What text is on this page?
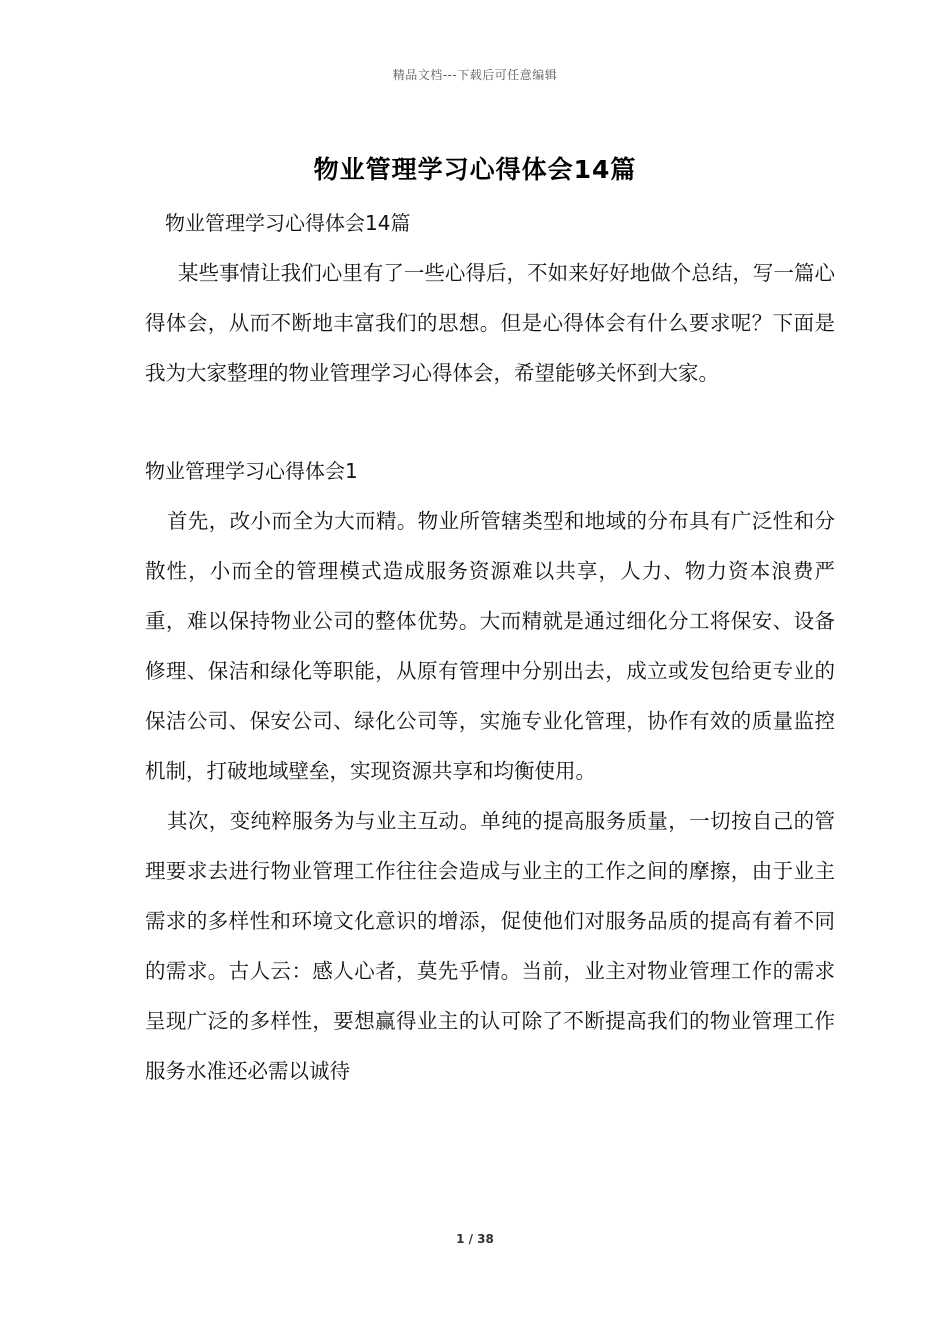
精品文档---下载后可任意编辑
物业管理学习心得体会14篇
物业管理学习心得体会14篇

某些事情让我们心里有了一些心得后，不如来好好地做个总结，写一篇心得体会，从而不断地丰富我们的思想。但是心得体会有什么要求呢？下面是我为大家整理的物业管理学习心得体会，希望能够关怀到大家。

物业管理学习心得体会1

首先，改小而全为大而精。物业所管辖类型和地域的分布具有广泛性和分散性，小而全的管理模式造成服务资源难以共享，人力、物力资本浪费严重，难以保持物业公司的整体优势。大而精就是通过细化分工将保安、设备修理、保洁和绿化等职能，从原有管理中分别出去，成立或发包给更专业的保洁公司、保安公司、绿化公司等，实施专业化管理，协作有效的质量监控机制，打破地域壁垒，实现资源共享和均衡使用。

其次，变纯粹服务为与业主互动。单纯的提高服务质量，一切按自己的管理要求去进行物业管理工作往往会造成与业主的工作之间的摩擦，由于业主需求的多样性和环境文化意识的增添，促使他们对服务品质的提高有着不同的需求。古人云：感人心者，莫先乎情。当前，业主对物业管理工作的需求呈现广泛的多样性，要想赢得业主的认可除了不断提高我们的物业管理工作服务水准还必需以诚待

1 / 38
